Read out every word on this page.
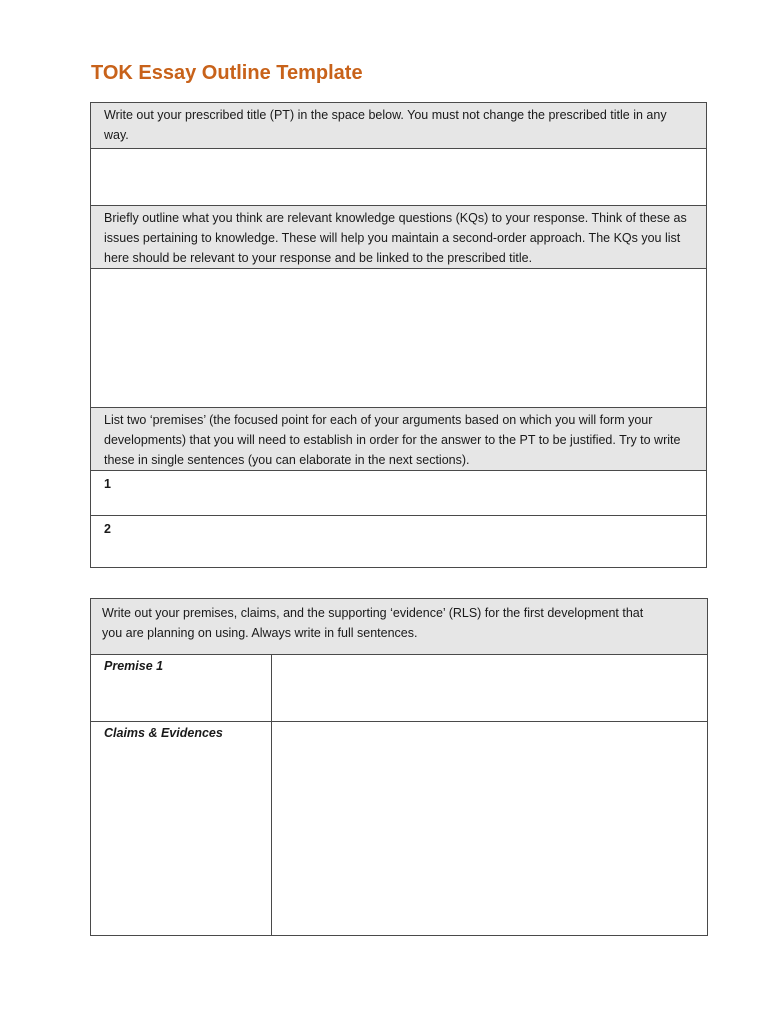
TOK Essay Outline Template
Write out your prescribed title (PT) in the space below. You must not change the prescribed title in any way.

Briefly outline what you think are relevant knowledge questions (KQs) to your response. Think of these as issues pertaining to knowledge. These will help you maintain a second-order approach. The KQs you list here should be relevant to your response and be linked to the prescribed title.

List two ‘premises’ (the focused point for each of your arguments based on which you will form your developments) that you will need to establish in order for the answer to the PT to be justified. Try to write these in single sentences (you can elaborate in the next sections).

1

2
Write out your premises, claims, and the supporting ‘evidence’ (RLS) for the first development that you are planning on using. Always write in full sentences.	

Premise 1	

Claims & Evidences	
